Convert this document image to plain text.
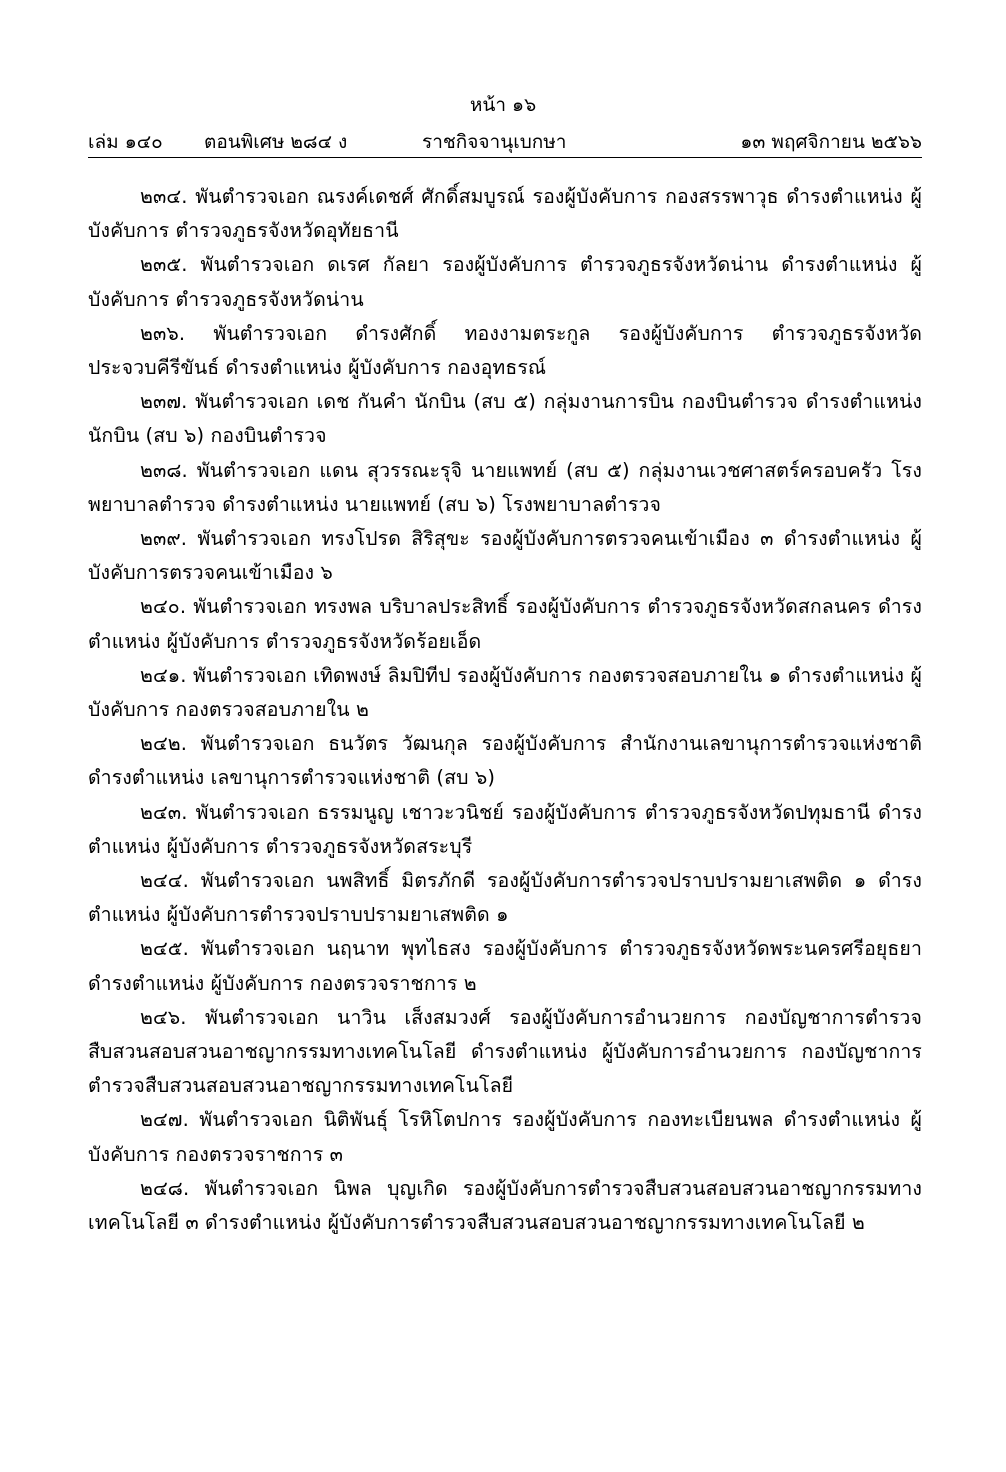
หน้า ๑๖
เล่ม ๑๔๐ ตอนพิเศษ ๒๘๔ ง	ราชกิจจานุเบกษา	๑๓ พฤศจิกายน ๒๕๖๖

๒๓๔. พันตำรวจเอก ณรงค์เดชศ์ ศักดิ์สมบูรณ์ รองผู้บังคับการ กองสรรพาวุธ ดำรงตำแหน่ง ผู้บังคับการ ตำรวจภูธรจังหวัดอุทัยธานี

๒๓๕. พันตำรวจเอก ดเรศ กัลยา รองผู้บังคับการ ตำรวจภูธรจังหวัดน่าน ดำรงตำแหน่ง ผู้บังคับการ ตำรวจภูธรจังหวัดน่าน

๒๓๖. พันตำรวจเอก ดำรงศักดิ์ ทองงามตระกูล รองผู้บังคับการ ตำรวจภูธรจังหวัดประจวบคีรีขันธ์ ดำรงตำแหน่ง ผู้บังคับการ กองอุทธรณ์

๒๓๗. พันตำรวจเอก เดช กันคำ นักบิน (สบ ๕) กลุ่มงานการบิน กองบินตำรวจ ดำรงตำแหน่ง นักบิน (สบ ๖) กองบินตำรวจ

๒๓๘. พันตำรวจเอก แดน สุวรรณะรุจิ นายแพทย์ (สบ ๕) กลุ่มงานเวชศาสตร์ครอบครัว โรงพยาบาลตำรวจ ดำรงตำแหน่ง นายแพทย์ (สบ ๖) โรงพยาบาลตำรวจ

๒๓๙. พันตำรวจเอก ทรงโปรด สิริสุขะ รองผู้บังคับการตรวจคนเข้าเมือง ๓ ดำรงตำแหน่ง ผู้บังคับการตรวจคนเข้าเมือง ๖

๒๔๐. พันตำรวจเอก ทรงพล บริบาลประสิทธิ์ รองผู้บังคับการ ตำรวจภูธรจังหวัดสกลนคร ดำรงตำแหน่ง ผู้บังคับการ ตำรวจภูธรจังหวัดร้อยเอ็ด

๒๔๑. พันตำรวจเอก เทิดพงษ์ ลิมปิทีป รองผู้บังคับการ กองตรวจสอบภายใน ๑ ดำรงตำแหน่ง ผู้บังคับการ กองตรวจสอบภายใน ๒

๒๔๒. พันตำรวจเอก ธนวัตร วัฒนกุล รองผู้บังคับการ สำนักงานเลขานุการตำรวจแห่งชาติ ดำรงตำแหน่ง เลขานุการตำรวจแห่งชาติ (สบ ๖)

๒๔๓. พันตำรวจเอก ธรรมนูญ เชาวะวนิชย์ รองผู้บังคับการ ตำรวจภูธรจังหวัดปทุมธานี ดำรงตำแหน่ง ผู้บังคับการ ตำรวจภูธรจังหวัดสระบุรี

๒๔๔. พันตำรวจเอก นพสิทธิ์ มิตรภักดี รองผู้บังคับการตำรวจปราบปรามยาเสพติด ๑ ดำรงตำแหน่ง ผู้บังคับการตำรวจปราบปรามยาเสพติด ๑

๒๔๕. พันตำรวจเอก นฤนาท พุทไธสง รองผู้บังคับการ ตำรวจภูธรจังหวัดพระนครศรีอยุธยา ดำรงตำแหน่ง ผู้บังคับการ กองตรวจราชการ ๒

๒๔๖. พันตำรวจเอก นาวิน เส็งสมวงศ์ รองผู้บังคับการอำนวยการ กองบัญชาการตำรวจสืบสวนสอบสวนอาชญากรรมทางเทคโนโลยี ดำรงตำแหน่ง ผู้บังคับการอำนวยการ กองบัญชาการตำรวจสืบสวนสอบสวนอาชญากรรมทางเทคโนโลยี

๒๔๗. พันตำรวจเอก นิติพันธุ์ โรหิโตปการ รองผู้บังคับการ กองทะเบียนพล ดำรงตำแหน่ง ผู้บังคับการ กองตรวจราชการ ๓

๒๔๘. พันตำรวจเอก นิพล บุญเกิด รองผู้บังคับการตำรวจสืบสวนสอบสวนอาชญากรรมทางเทคโนโลยี ๓ ดำรงตำแหน่ง ผู้บังคับการตำรวจสืบสวนสอบสวนอาชญากรรมทางเทคโนโลยี ๒
